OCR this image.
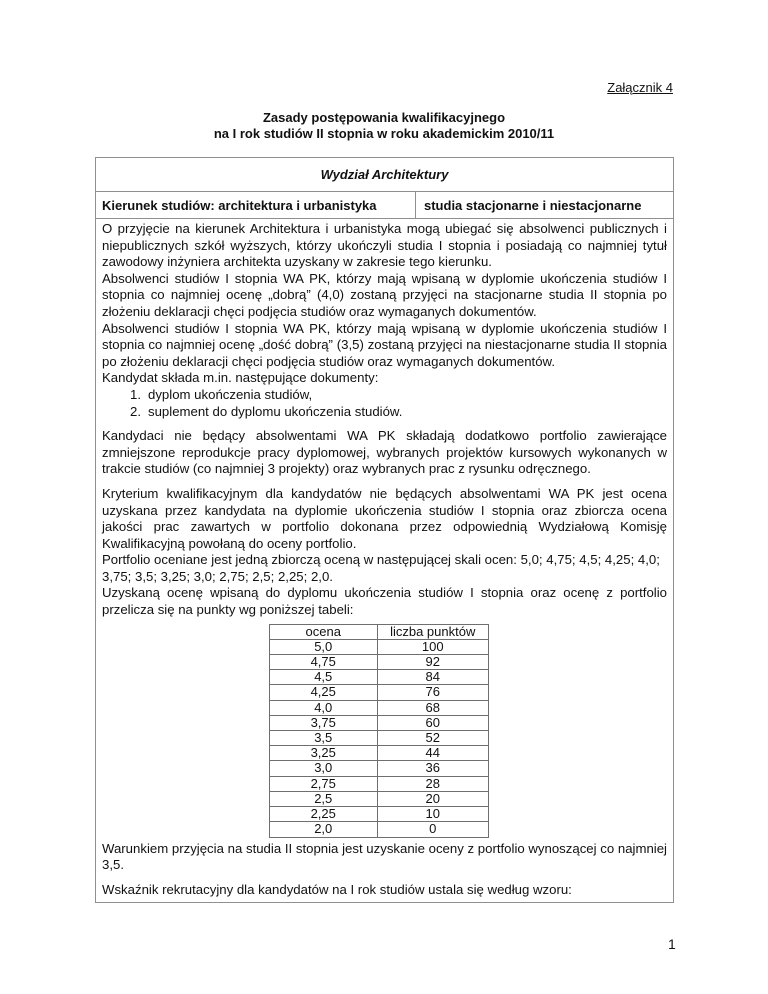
Załącznik 4
Zasady postępowania kwalifikacyjnego
na I rok studiów II stopnia w roku akademickim 2010/11
Wydział Architektury
Kierunek studiów: architektura i urbanistyka	studia stacjonarne i niestacjonarne

O przyjęcie na kierunek Architektura i urbanistyka mogą ubiegać się absolwenci publicznych i niepublicznych szkół wyższych, którzy ukończyli studia I stopnia i posiadają co najmniej tytuł zawodowy inżyniera architekta uzyskany w zakresie tego kierunku.

Absolwenci studiów I stopnia WA PK, którzy mają wpisaną w dyplomie ukończenia studiów I stopnia co najmniej ocenę „dobrą” (4,0) zostaną przyjęci na stacjonarne studia II stopnia po złożeniu deklaracji chęci podjęcia studiów oraz wymaganych dokumentów.

Absolwenci studiów I stopnia WA PK, którzy mają wpisaną w dyplomie ukończenia studiów I stopnia co najmniej ocenę „dość dobrą” (3,5) zostaną przyjęci na niestacjonarne studia II stopnia po złożeniu deklaracji chęci podjęcia studiów oraz wymaganych dokumentów.

Kandydat składa m.in. następujące dokumenty:

1. dyplom ukończenia studiów,
2. suplement do dyplomu ukończenia studiów.

Kandydaci nie będący absolwentami WA PK składają dodatkowo portfolio zawierające zmniejszone reprodukcje pracy dyplomowej, wybranych projektów kursowych wykonanych w trakcie studiów (co najmniej 3 projekty) oraz wybranych prac z rysunku odręcznego.

Kryterium kwalifikacyjnym dla kandydatów nie będących absolwentami WA PK jest ocena uzyskana przez kandydata na dyplomie ukończenia studiów I stopnia oraz zbiorcza ocena jakości prac zawartych w portfolio dokonana przez odpowiednią Wydziałową Komisję Kwalifikacyjną powołaną do oceny portfolio.

Portfolio oceniane jest jedną zbiorczą oceną w następującej skali ocen: 5,0; 4,75; 4,5; 4,25; 4,0; 3,75; 3,5; 3,25; 3,0; 2,75; 2,5; 2,25; 2,0.

Uzyskaną ocenę wpisaną do dyplomu ukończenia studiów I stopnia oraz ocenę z portfolio przelicza się na punkty wg poniższej tabeli:

ocena	liczba punktów
5,0	100
4,75	92
4,5	84
4,25	76
4,0	68
3,75	60
3,5	52
3,25	44
3,0	36
2,75	28
2,5	20
2,25	10
2,0	0

Warunkiem przyjęcia na studia II stopnia jest uzyskanie oceny z portfolio wynoszącej co najmniej 3,5.

Wskaźnik rekrutacyjny dla kandydatów na I rok studiów ustala się według wzoru:

1
